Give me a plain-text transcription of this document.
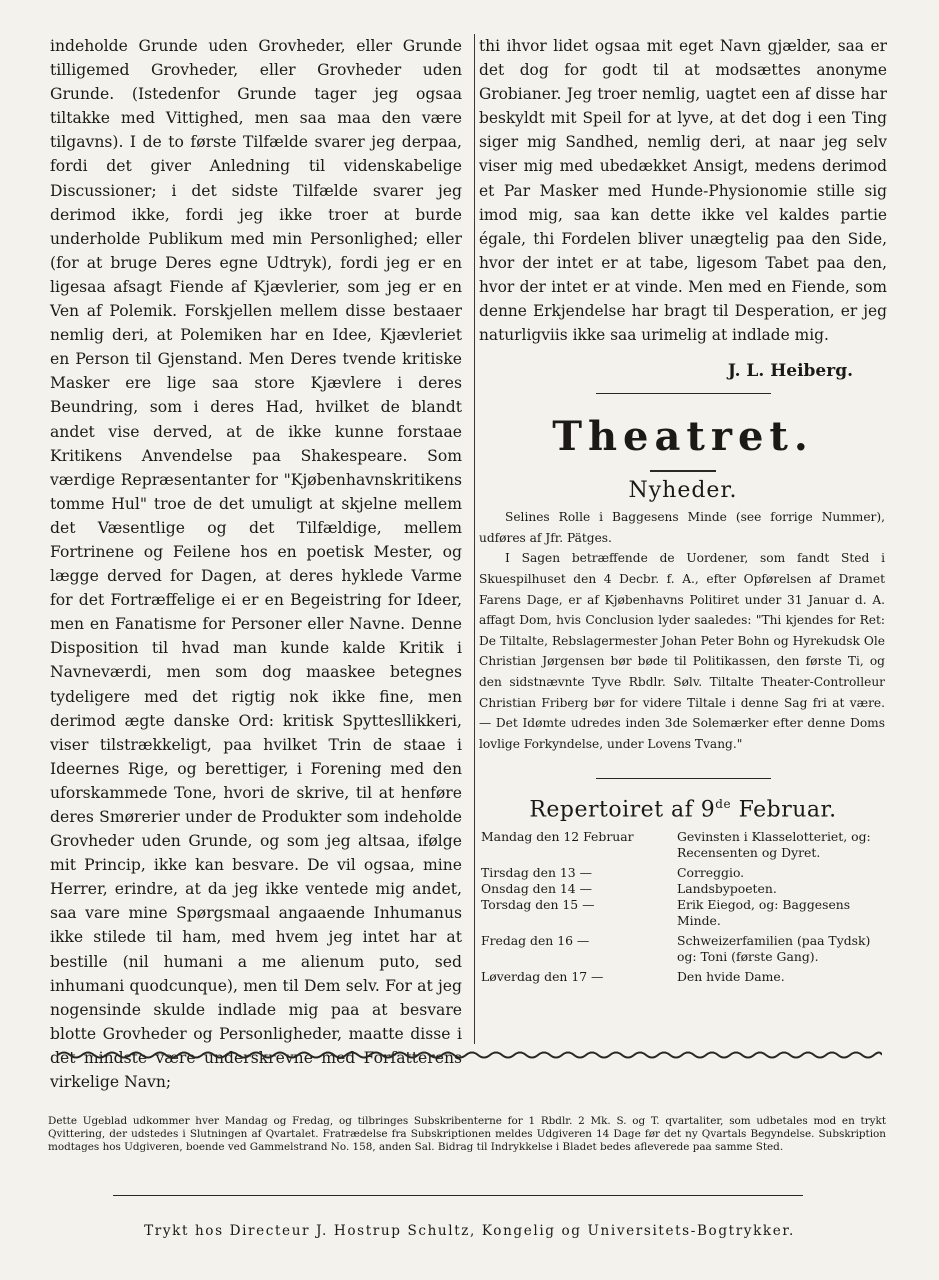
indeholde Grunde uden Grovheder, eller Grunde tilligemed Grovheder, eller Grovheder uden Grunde. (Istedenfor Grunde tager jeg ogsaa tiltakke med Vittighed, men saa maa den være tilgavns). I de to første Tilfælde svarer jeg derpaa, fordi det giver Anledning til videnskabelige Discussioner; i det sidste Tilfælde svarer jeg derimod ikke, fordi jeg ikke troer at burde underholde Publikum med min Personlighed; eller (for at bruge Deres egne Udtryk), fordi jeg er en ligesaa afsagt Fiende af Kjævlerier, som jeg er en Ven af Polemik. Forskjellen mellem disse bestaaer nemlig deri, at Polemiken har en Idee, Kjævleriet en Person til Gjenstand. Men Deres tvende kritiske Masker ere lige saa store Kjævlere i deres Beundring, som i deres Had, hvilket de blandt andet vise derved, at de ikke kunne forstaae Kritikens Anvendelse paa Shakespeare. Som værdige Repræsentanter for "Kjøbenhavnskritikens tomme Hul" troe de det umuligt at skjelne mellem det Væsentlige og det Tilfældige, mellem Fortrinene og Feilene hos en poetisk Mester, og lægge derved for Dagen, at deres hyklede Varme for det Fortræffelige ei er en Begeistring for Ideer, men en Fanatisme for Personer eller Navne. Denne Disposition til hvad man kunde kalde Kritik i Navneværdi, men som dog maaskee betegnes tydeligere med det rigtig nok ikke fine, men derimod ægte danske Ord: kritisk Spyttesllikkeri, viser tilstrækkeligt, paa hvilket Trin de staae i Ideernes Rige, og berettiger, i Forening med den uforskammede Tone, hvori de skrive, til at henføre deres Smørerier under de Produkter som indeholde Grovheder uden Grunde, og som jeg altsaa, ifølge mit Princip, ikke kan besvare. De vil ogsaa, mine Herrer, erindre, at da jeg ikke ventede mig andet, saa vare mine Spørgsmaal angaaende Inhumanus ikke stilede til ham, med hvem jeg intet har at bestille (nil humani a me alienum puto, sed inhumani quodcunque), men til Dem selv. For at jeg nogensinde skulde indlade mig paa at besvare blotte Grovheder og Personligheder, maatte disse i det mindste være underskrevne med Forfatterens virkelige Navn;

thi ihvor lidet ogsaa mit eget Navn gjælder, saa er det dog for godt til at modsættes anonyme Grobianer. Jeg troer nemlig, uagtet een af disse har beskyldt mit Speil for at lyve, at det dog i een Ting siger mig Sandhed, nemlig deri, at naar jeg selv viser mig med ubedækket Ansigt, medens derimod et Par Masker med Hunde-Physionomie stille sig imod mig, saa kan dette ikke vel kaldes partie égale, thi Fordelen bliver unægtelig paa den Side, hvor der intet er at tabe, ligesom Tabet paa den, hvor der intet er at vinde. Men med en Fiende, som denne Erkjendelse har bragt til Desperation, er jeg naturligviis ikke saa urimelig at indlade mig.

J. L. Heiberg.
Theatret.
Nyheder.

Selines Rolle i Baggesens Minde (see forrige Nummer), udføres af Jfr. Pätges.

I Sagen betræffende de Uordener, som fandt Sted i Skuespilhuset den 4 Decbr. f. A., efter Opførelsen af Dramet Farens Dage, er af Kjøbenhavns Politiret under 31 Januar d. A. affagt Dom, hvis Conclusion lyder saaledes: "Thi kjendes for Ret: De Tiltalte, Rebslagermester Johan Peter Bohn og Hyrekudsk Ole Christian Jørgensen bør bøde til Politikassen, den første Ti, og den sidstnævnte Tyve Rbdlr. Sølv. Tiltalte Theater-Controlleur Christian Friberg bør for videre Tiltale i denne Sag fri at være. — Det Idømte udredes inden 3de Solemærker efter denne Doms lovlige Forkyndelse, under Lovens Tvang."

Repertoiret af 9de Februar.
Mandag den 12 Februar	Gevinsten i Klasselotteriet, og: Recensenten og Dyret.
Tirsdag den 13 —	Correggio.
Onsdag den 14 —	Landsbypoeten.
Torsdag den 15 —	Erik Eiegod, og: Baggesens Minde.
Fredag den 16 —	Schweizerfamilien (paa Tydsk) og: Toni (første Gang).
Løverdag den 17 —	Den hvide Dame.
Dette Ugeblad udkommer hver Mandag og Fredag, og tilbringes Subskribenterne for 1 Rbdlr. 2 Mk. S. og T. qvartaliter, som udbetales mod en trykt Qvittering, der udstedes i Slutningen af Qvartalet. Fratrædelse fra Subskriptionen meldes Udgiveren 14 Dage før det ny Qvartals Begyndelse. Subskription modtages hos Udgiveren, boende ved Gammelstrand No. 158, anden Sal. Bidrag til Indrykkelse i Bladet bedes afleverede paa samme Sted.
Trykt hos Directeur J. Hostrup Schultz, Kongelig og Universitets-Bogtrykker.
